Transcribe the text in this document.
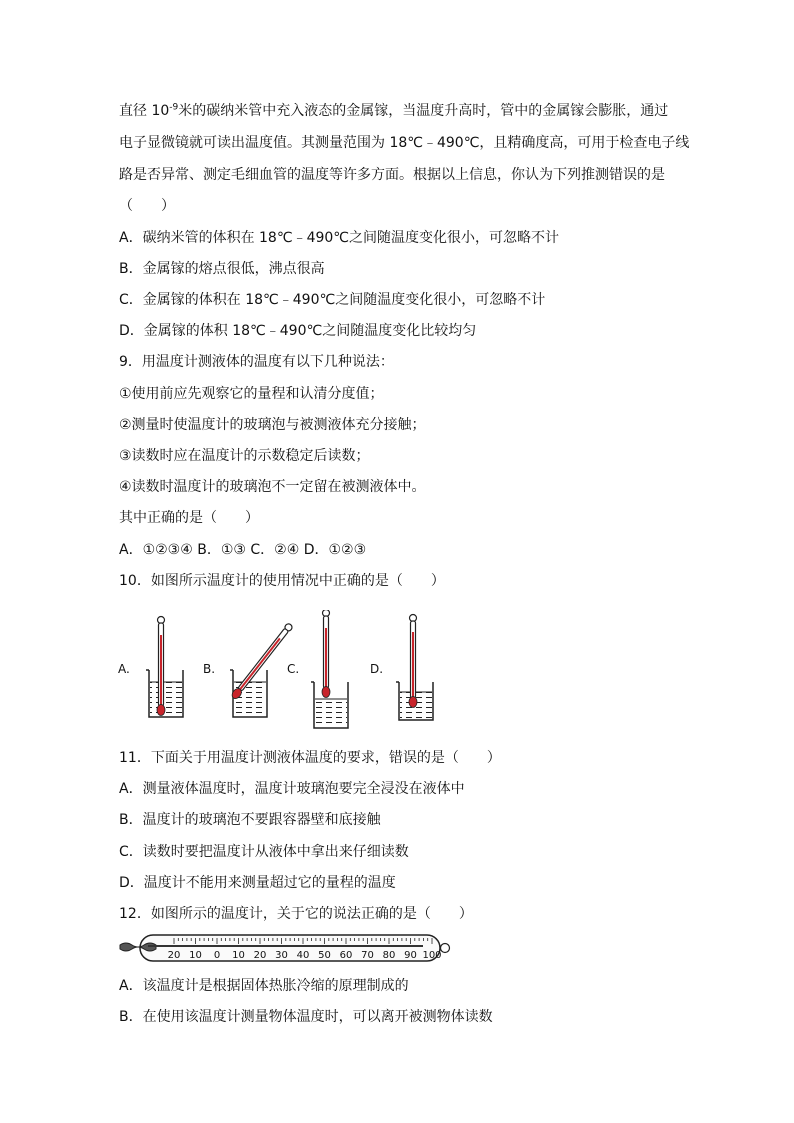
直径 $10^{-9}$米的碳纳米管中充入液态的金属镓，当温度升高时，管中的金属镓会膨胀，通过
电子显微镜就可读出温度值。其测量范围为 18℃﹣490℃，且精确度高，可用于检查电子线
路是否异常、测定毛细血管的温度等许多方面。根据以上信息，你认为下列推测错误的是
（　　）
A．碳纳米管的体积在 18℃﹣490℃之间随温度变化很小，可忽略不计
B．金属镓的熔点很低，沸点很高
C．金属镓的体积在 18℃﹣490℃之间随温度变化很小，可忽略不计
D．金属镓的体积 18℃﹣490℃之间随温度变化比较均匀
9．用温度计测液体的温度有以下几种说法：
①使用前应先观察它的量程和认清分度值；
②测量时使温度计的玻璃泡与被测液体充分接触；
③读数时应在温度计的示数稳定后读数；
④读数时温度计的玻璃泡不一定留在被测液体中。
其中正确的是（　　）
A．①②③④ B．①③ C．②④ D．①②③
10．如图所示温度计的使用情况中正确的是（　　）
A.	B.	C.	D.
11．下面关于用温度计测液体温度的要求，错误的是（　　）
A．测量液体温度时，温度计玻璃泡要完全浸没在液体中
B．温度计的玻璃泡不要跟容器壁和底接触
C．读数时要把温度计从液体中拿出来仔细读数
D．温度计不能用来测量超过它的量程的温度
12．如图所示的温度计，关于它的说法正确的是（　　）
20 10 0 10 20 30 40 50 60 70 80 90 100
A．该温度计是根据固体热胀冷缩的原理制成的
B．在使用该温度计测量物体温度时，可以离开被测物体读数
